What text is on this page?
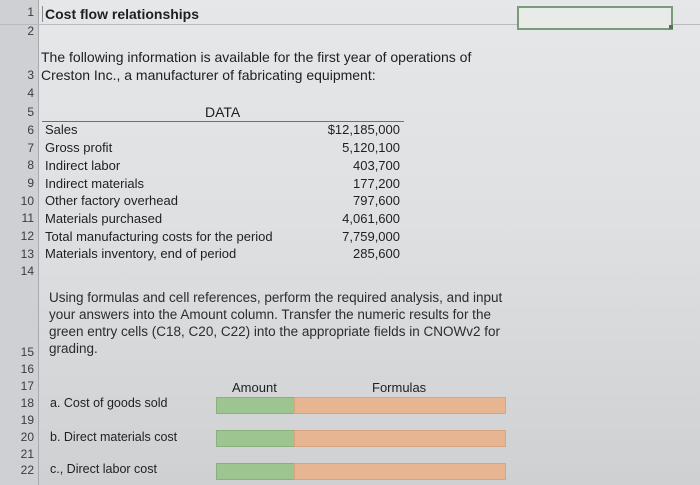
1
2
3
4
5
6
7
8
9
10
11
12
13
14
15
16
17
18
19
20
21
22
Cost flow relationships
The following information is available for the first year of operations of Creston Inc., a manufacturer of fabricating equipment:
DATA
Sales	$12,185,000
Gross profit	5,120,100
Indirect labor	403,700
Indirect materials	177,200
Other factory overhead	797,600
Materials purchased	4,061,600
Total manufacturing costs for the period	7,759,000
Materials inventory, end of period	285,600
Using formulas and cell references, perform the required analysis, and input your answers into the Amount column. Transfer the numeric results for the green entry cells (C18, C20, C22) into the appropriate fields in CNOWv2 for grading.
Amount	Formulas
a. Cost of goods sold
b. Direct materials cost
c., Direct labor cost
